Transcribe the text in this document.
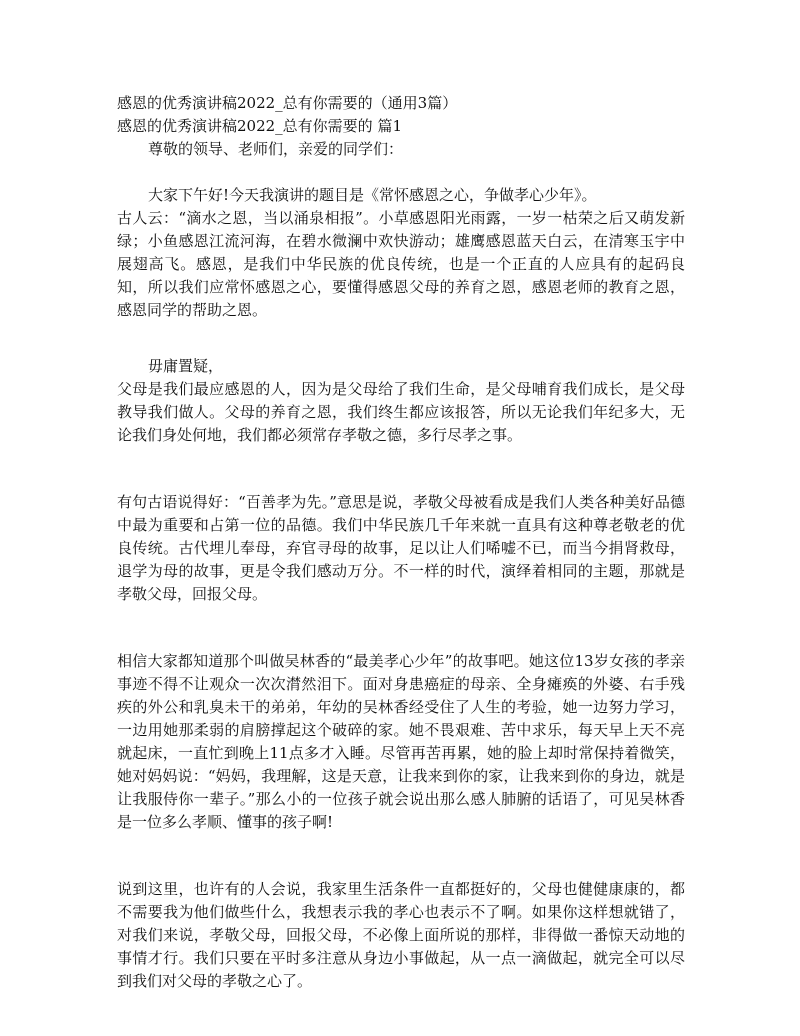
感恩的优秀演讲稿2022_总有你需要的（通用3篇）
感恩的优秀演讲稿2022_总有你需要的 篇1
尊敬的领导、老师们，亲爱的同学们：
大家下午好!今天我演讲的题目是《常怀感恩之心，争做孝心少年》。

古人云：“滴水之恩，当以涌泉相报”。小草感恩阳光雨露，一岁一枯荣之后又萌发新绿；小鱼感恩江流河海，在碧水微澜中欢快游动；雄鹰感恩蓝天白云，在清寒玉宇中展翅高飞。感恩，是我们中华民族的优良传统，也是一个正直的人应具有的起码良知，所以我们应常怀感恩之心，要懂得感恩父母的养育之恩，感恩老师的教育之恩，感恩同学的帮助之恩。

毋庸置疑，

父母是我们最应感恩的人，因为是父母给了我们生命，是父母哺育我们成长，是父母教导我们做人。父母的养育之恩，我们终生都应该报答，所以无论我们年纪多大，无论我们身处何地，我们都必须常存孝敬之德，多行尽孝之事。

有句古语说得好：“百善孝为先。”意思是说，孝敬父母被看成是我们人类各种美好品德中最为重要和占第一位的品德。我们中华民族几千年来就一直具有这种尊老敬老的优良传统。古代埋儿奉母，弃官寻母的故事，足以让人们唏嘘不已，而当今捐肾救母，退学为母的故事，更是令我们感动万分。不一样的时代，演绎着相同的主题，那就是孝敬父母，回报父母。

相信大家都知道那个叫做吴林香的“最美孝心少年”的故事吧。她这位13岁女孩的孝亲事迹不得不让观众一次次潸然泪下。面对身患癌症的母亲、全身瘫痪的外婆、右手残疾的外公和乳臭未干的弟弟，年幼的吴林香经受住了人生的考验，她一边努力学习，一边用她那柔弱的肩膀撑起这个破碎的家。她不畏艰难、苦中求乐，每天早上天不亮就起床，一直忙到晚上11点多才入睡。尽管再苦再累，她的脸上却时常保持着微笑，她对妈妈说：“妈妈，我理解，这是天意，让我来到你的家，让我来到你的身边，就是让我服侍你一辈子。”那么小的一位孩子就会说出那么感人肺腑的话语了，可见吴林香是一位多么孝顺、懂事的孩子啊!

说到这里，也许有的人会说，我家里生活条件一直都挺好的，父母也健健康康的，都不需要我为他们做些什么，我想表示我的孝心也表示不了啊。如果你这样想就错了，对我们来说，孝敬父母，回报父母，不必像上面所说的那样，非得做一番惊天动地的事情才行。我们只要在平时多注意从身边小事做起，从一点一滴做起，就完全可以尽到我们对父母的孝敬之心了。
